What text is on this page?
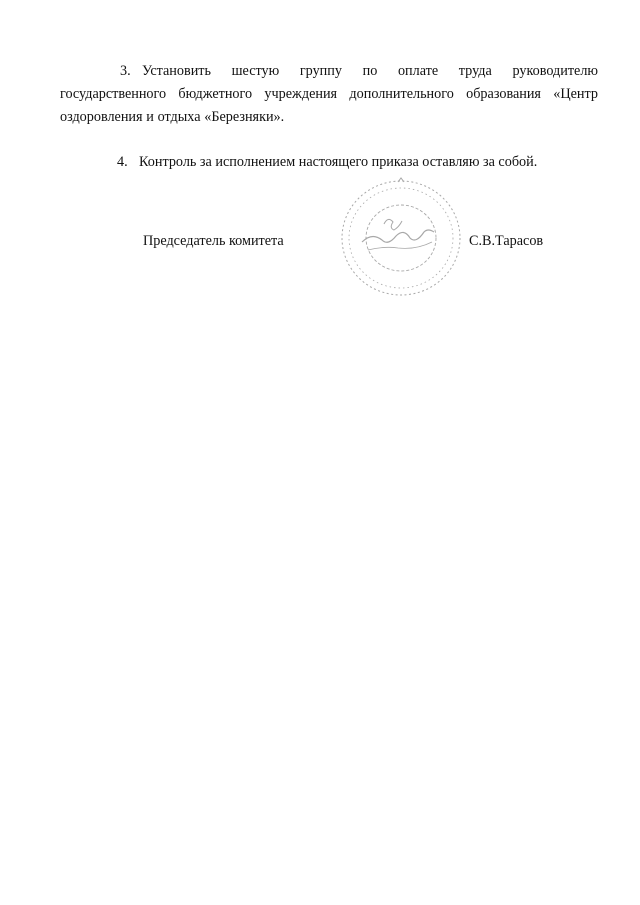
3. Установить шестую группу по оплате труда руководителю государственного бюджетного учреждения дополнительного образования «Центр оздоровления и отдыха «Березняки».
4. Контроль за исполнением настоящего приказа оставляю за собой.
Председатель комитета	С.В.Тарасов
